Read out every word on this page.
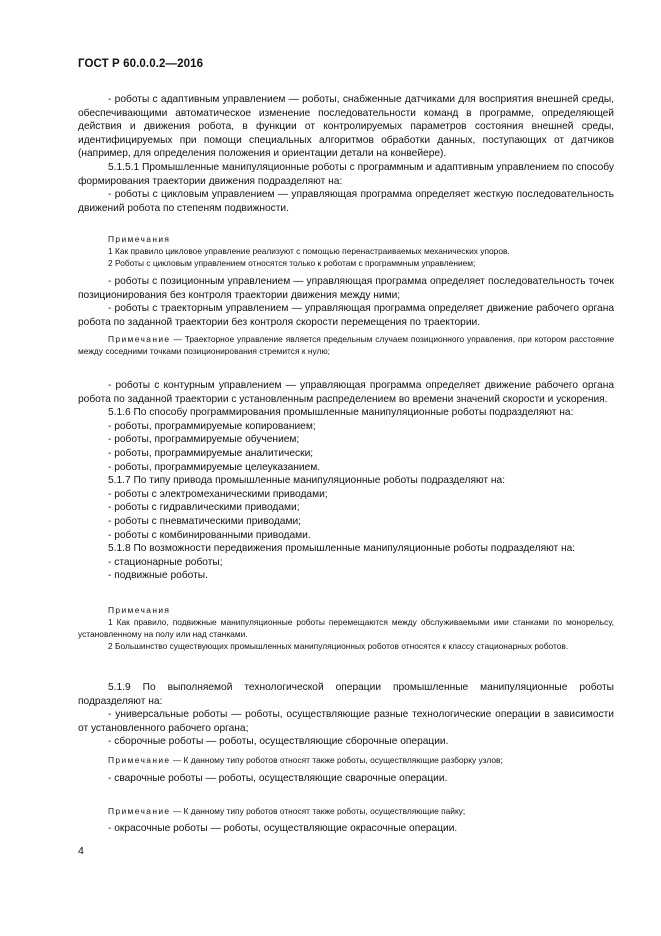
ГОСТ Р 60.0.0.2—2016

- роботы с адаптивным управлением — роботы, снабженные датчиками для восприятия внешней среды, обеспечивающими автоматическое изменение последовательности команд в программе, определяющей действия и движения робота, в функции от контролируемых параметров состояния внешней среды, идентифицируемых при помощи специальных алгоритмов обработки данных, поступающих от датчиков (например, для определения положения и ориентации детали на конвейере).

5.1.5.1 Промышленные манипуляционные роботы с программным и адаптивным управлением по способу формирования траектории движения подразделяют на:

- роботы с цикловым управлением — управляющая программа определяет жесткую последовательность движений робота по степеням подвижности.

Примечания

1 Как правило цикловое управление реализуют с помощью перенастраиваемых механических упоров.

2 Роботы с цикловым управлением относятся только к роботам с программным управлением;

- роботы с позиционным управлением — управляющая программа определяет последовательность точек позиционирования без контроля траектории движения между ними;

- роботы с траекторным управлением — управляющая программа определяет движение рабочего органа робота по заданной траектории без контроля скорости перемещения по траектории.

Примечание — Траекторное управление является предельным случаем позиционного управления, при котором расстояние между соседними точками позиционирования стремится к нулю;

- роботы с контурным управлением — управляющая программа определяет движение рабочего органа робота по заданной траектории с установленным распределением во времени значений скорости и ускорения.

5.1.6 По способу программирования промышленные манипуляционные роботы подразделяют на:

- роботы, программируемые копированием;

- роботы, программируемые обучением;

- роботы, программируемые аналитически;

- роботы, программируемые целеуказанием.

5.1.7 По типу привода промышленные манипуляционные роботы подразделяют на:

- роботы с электромеханическими приводами;

- роботы с гидравлическими приводами;

- роботы с пневматическими приводами;

- роботы с комбинированными приводами.

5.1.8 По возможности передвижения промышленные манипуляционные роботы подразделяют на:

- стационарные роботы;

- подвижные роботы.

Примечания

1 Как правило, подвижные манипуляционные роботы перемещаются между обслуживаемыми ими станками по монорельсу, установленному на полу или над станками.

2 Большинство существующих промышленных манипуляционных роботов относятся к классу стационарных роботов.

5.1.9 По выполняемой технологической операции промышленные манипуляционные роботы подразделяют на:

- универсальные роботы — роботы, осуществляющие разные технологические операции в зависимости от установленного рабочего органа;

- сборочные роботы — роботы, осуществляющие сборочные операции.

Примечание — К данному типу роботов относят также роботы, осуществляющие разборку узлов;

- сварочные роботы — роботы, осуществляющие сварочные операции.

Примечание — К данному типу роботов относят также роботы, осуществляющие пайку;

- окрасочные роботы — роботы, осуществляющие окрасочные операции.

4
